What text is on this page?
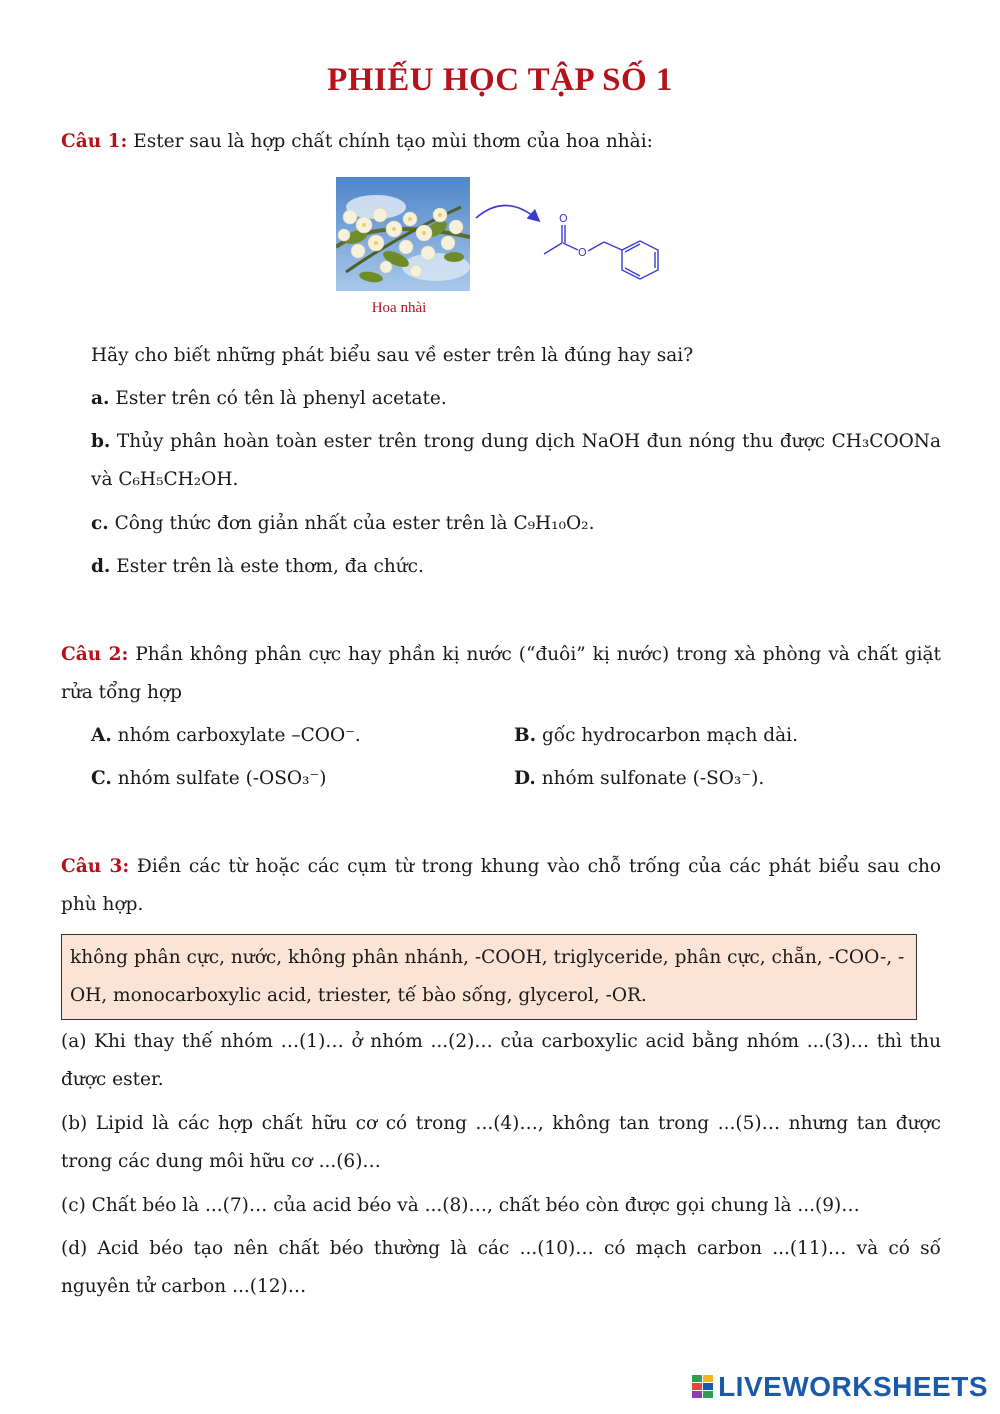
PHIẾU HỌC TẬP SỐ 1
Câu 1: Ester sau là hợp chất chính tạo mùi thơm của hoa nhài:
Hoa nhài
O
O
Hãy cho biết những phát biểu sau về ester trên là đúng hay sai?
a. Ester trên có tên là phenyl acetate.
b. Thủy phân hoàn toàn ester trên trong dung dịch NaOH đun nóng thu được CH₃COONa và C₆H₅CH₂OH.
c. Công thức đơn giản nhất của ester trên là C₉H₁₀O₂.
d. Ester trên là este thơm, đa chức.
Câu 2: Phần không phân cực hay phần kị nước (“đuôi” kị nước) trong xà phòng và chất giặt rửa tổng hợp
A. nhóm carboxylate –COO⁻.	B. gốc hydrocarbon mạch dài.
C. nhóm sulfate (-OSO₃⁻)	D. nhóm sulfonate (-SO₃⁻).
Câu 3: Điền các từ hoặc các cụm từ trong khung vào chỗ trống của các phát biểu sau cho phù hợp.
không phân cực, nước, không phân nhánh, -COOH, triglyceride, phân cực, chẵn, -COO-, -OH, monocarboxylic acid, triester, tế bào sống, glycerol, -OR.
(a) Khi thay thế nhóm …(1)… ở nhóm ...(2)… của carboxylic acid bằng nhóm ...(3)… thì thu được ester.
(b) Lipid là các hợp chất hữu cơ có trong ...(4)…, không tan trong ...(5)… nhưng tan được trong các dung môi hữu cơ ...(6)…
(c) Chất béo là ...(7)… của acid béo và ...(8)…, chất béo còn được gọi chung là ...(9)…
(d) Acid béo tạo nên chất béo thường là các ...(10)… có mạch carbon ...(11)… và có số nguyên tử carbon ...(12)…
LIVEWORKSHEETS
